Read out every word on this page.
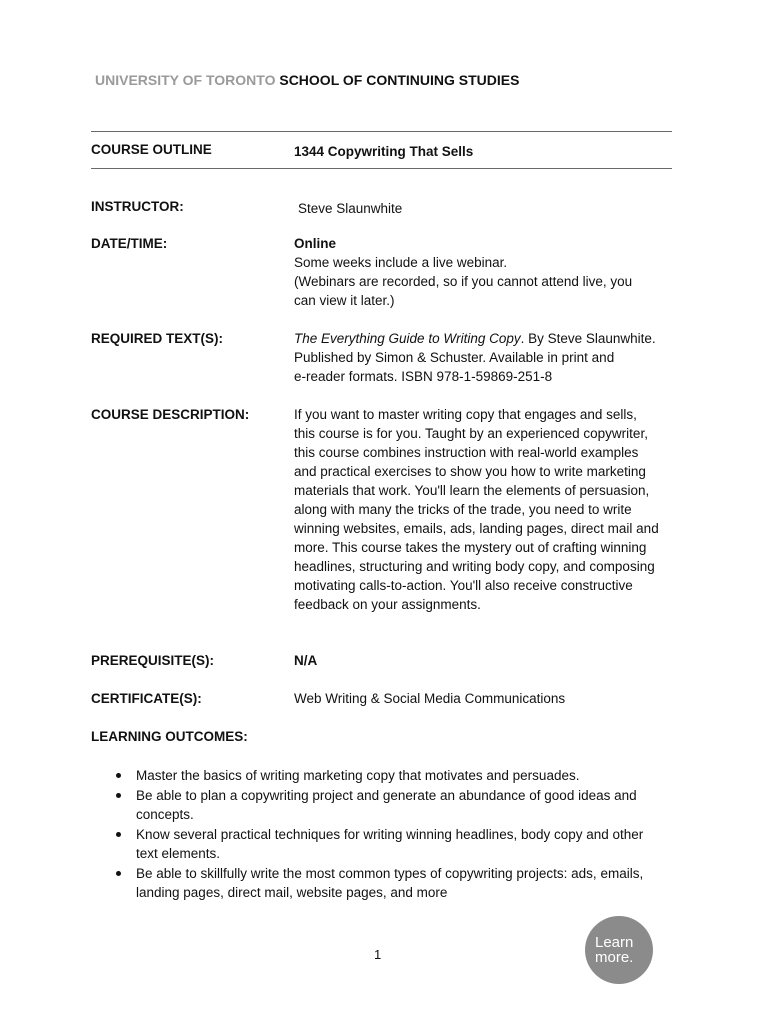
UNIVERSITY OF TORONTO SCHOOL OF CONTINUING STUDIES
COURSE OUTLINE	1344 Copywriting That Sells
INSTRUCTOR:	Steve Slaunwhite
DATE/TIME:	Online
Some weeks include a live webinar.
(Webinars are recorded, so if you cannot attend live, you
can view it later.)
REQUIRED TEXT(S):	The Everything Guide to Writing Copy. By Steve Slaunwhite.
Published by Simon & Schuster. Available in print and
e-reader formats. ISBN 978-1-59869-251-8
COURSE DESCRIPTION:	If you want to master writing copy that engages and sells,
this course is for you. Taught by an experienced copywriter,
this course combines instruction with real-world examples
and practical exercises to show you how to write marketing
materials that work. You'll learn the elements of persuasion,
along with many the tricks of the trade, you need to write
winning websites, emails, ads, landing pages, direct mail and
more. This course takes the mystery out of crafting winning
headlines, structuring and writing body copy, and composing
motivating calls-to-action. You'll also receive constructive
feedback on your assignments.
PREREQUISITE(S):	N/A
CERTIFICATE(S):	Web Writing & Social Media Communications
LEARNING OUTCOMES:
Master the basics of writing marketing copy that motivates and persuades.
Be able to plan a copywriting project and generate an abundance of good ideas and
concepts.
Know several practical techniques for writing winning headlines, body copy and other
text elements.
Be able to skillfully write the most common types of copywriting projects: ads, emails,
landing pages, direct mail, website pages, and more
1
Learn
more.
